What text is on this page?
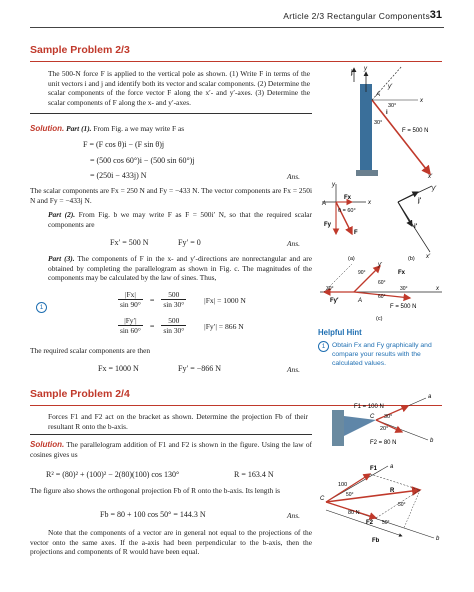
Article 2/3 Rectangular Components 31
Sample Problem 2/3
The 500-N force F is applied to the vertical pole as shown. (1) Write F in terms of the unit vectors i and j and identify both its vector and scalar components. (2) Determine the scalar components of the force vector F along the x′- and y′-axes. (3) Determine the scalar components of F along the x- and y′-axes.
Solution. Part (1). From Fig. a we may write F as
F = (F cos θ)i − (F sin θ)j
= (500 cos 60°)i − (500 sin 60°)j
= (250i − 433j) N	Ans.
The scalar components are Fx = 250 N and Fy = −433 N. The vector components are Fx = 250i N and Fy = −433j N.
Part (2). From Fig. b we may write F as F = 500i′ N, so that the required scalar components are
Fx′ = 500 N	Fy′ = 0	Ans.
Part (3). The components of F in the x- and y′-directions are nonrectangular and are obtained by completing the parallelogram as shown in Fig. c. The magnitudes of the components may be calculated by the law of sines. Thus,
1	$\frac{|Fx|}{\sin 90^\circ} = \frac{500}{\sin 30^\circ} |Fx| = 1000$ N
$\frac{|Fy'|}{\sin 60^\circ} = \frac{500}{\sin 30^\circ} |Fy'| = 866$ N
The required scalar components are then
Fx = 1000 N	Fy′ = −866 N	Ans.
Helpful Hint
1 Obtain Fx and Fy graphically and compare your results with the calculated values.
y
j
A
y′
30°
30°
F = 500 N
x
x′
i
y
x
A
θ = 60°
Fx
Fy
F
y′
x′
i′
j′
(a)	(b)
y′
x
Fx
Fy′
90°
60°
30°
60°
30°
F = 500 N
A
(c)
Sample Problem 2/4
Forces F1 and F2 act on the bracket as shown. Determine the projection Fb of their resultant R onto the b-axis.
Solution. The parallelogram addition of F1 and F2 is shown in the figure. Using the law of cosines gives us
R² = (80)² + (100)² − 2(80)(100) cos 130°	R = 163.4 N
The figure also shows the orthogonal projection Fb of R onto the b-axis. Its length is
Fb = 80 + 100 cos 50° = 144.3 N	Ans.
Note that the components of a vector are in general not equal to the projections of the vector onto the same axes. If the a-axis had been perpendicular to the b-axis, then the projections and components of R would have been equal.
F1 = 100 N
F2 = 80 N
C
a
b
30°
20°
F1
F2
R
C
Fb
a
b
100
50°
80 N
50°
50°
